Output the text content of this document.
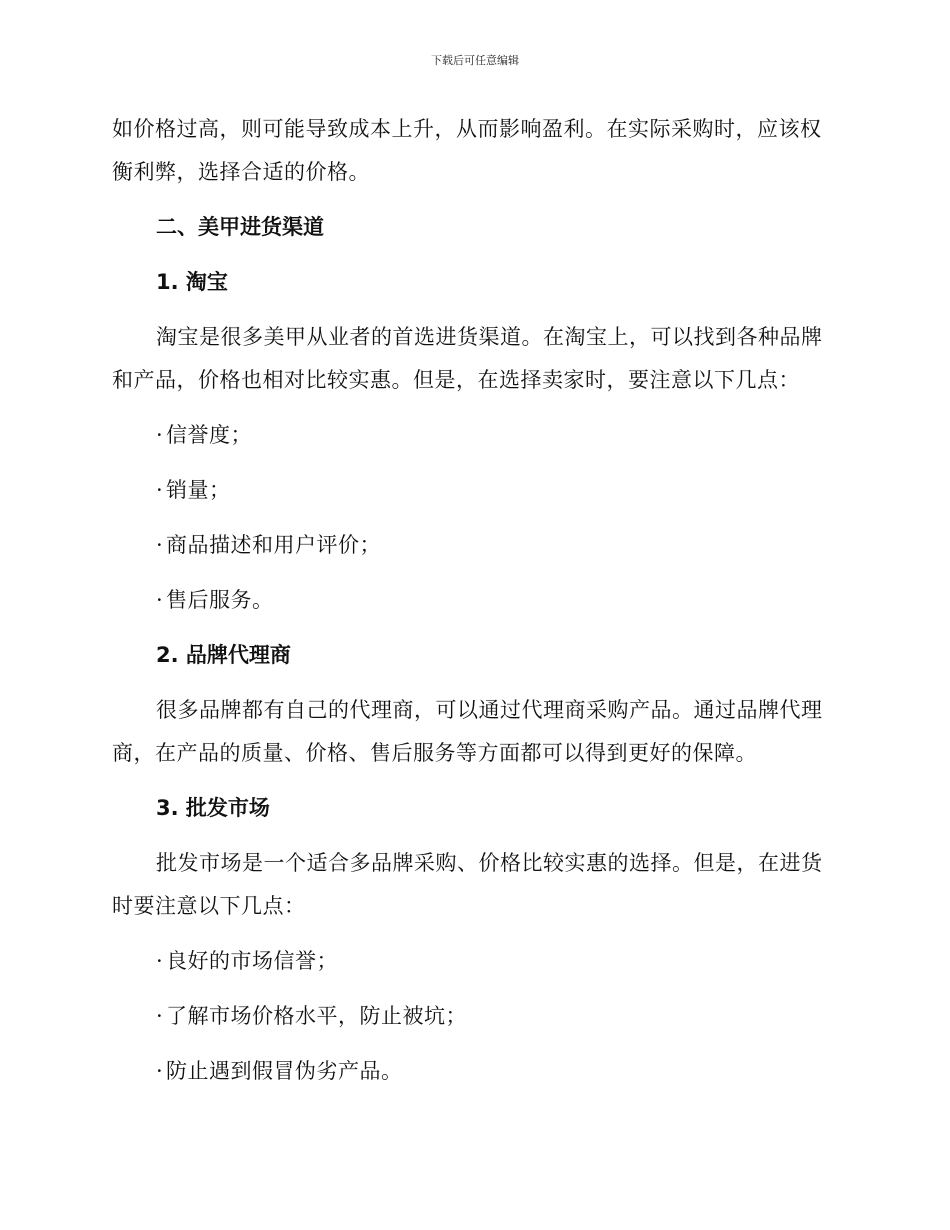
下载后可任意编辑

如价格过高，则可能导致成本上升，从而影响盈利。在实际采购时，应该权衡利弊，选择合适的价格。

二、美甲进货渠道
1. 淘宝

淘宝是很多美甲从业者的首选进货渠道。在淘宝上，可以找到各种品牌和产品，价格也相对比较实惠。但是，在选择卖家时，要注意以下几点：

· 信誉度；
· 销量；
· 商品描述和用户评价；
· 售后服务。
2. 品牌代理商

很多品牌都有自己的代理商，可以通过代理商采购产品。通过品牌代理商，在产品的质量、价格、售后服务等方面都可以得到更好的保障。

3. 批发市场

批发市场是一个适合多品牌采购、价格比较实惠的选择。但是，在进货时要注意以下几点：

· 良好的市场信誉；
· 了解市场价格水平，防止被坑；
· 防止遇到假冒伪劣产品。
